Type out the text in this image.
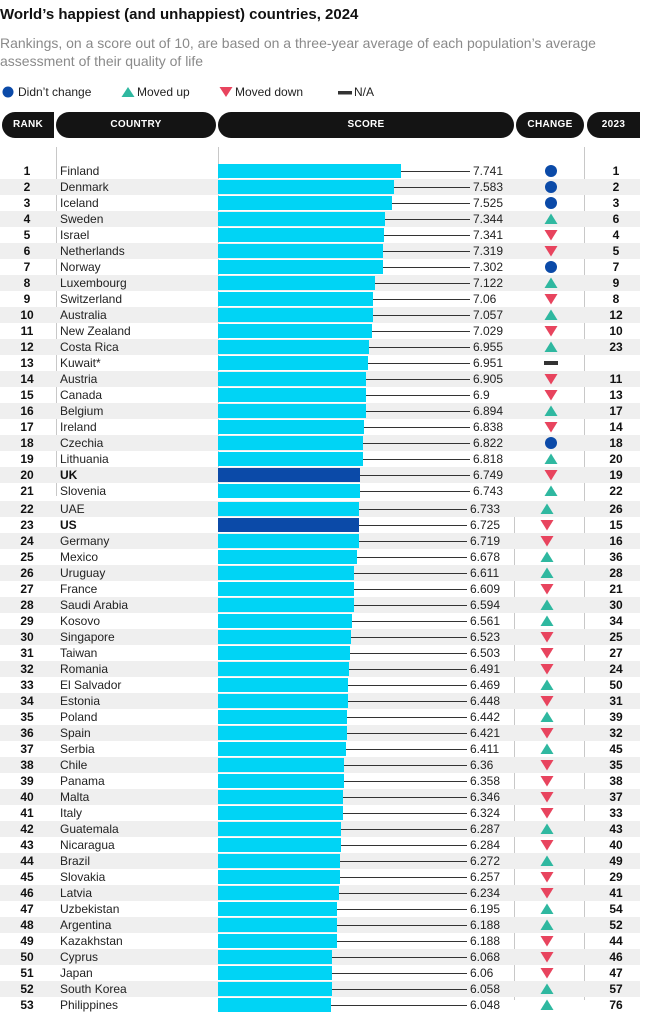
World’s happiest (and unhappiest) countries, 2024
Rankings, on a score out of 10, are based on a three-year average of each population’s average assessment of their quality of life
Didn’t change	Moved up	Moved down	N/A
RANK	COUNTRY	SCORE	CHANGE	2023
1	Finland	7.741	1
2	Denmark	7.583	2
3	Iceland	7.525	3
4	Sweden	7.344	6
5	Israel	7.341	4
6	Netherlands	7.319	5
7	Norway	7.302	7
8	Luxembourg	7.122	9
9	Switzerland	7.06	8
10	Australia	7.057	12
11	New Zealand	7.029	10
12	Costa Rica	6.955	23
13	Kuwait*	6.951
14	Austria	6.905	11
15	Canada	6.9	13
16	Belgium	6.894	17
17	Ireland	6.838	14
18	Czechia	6.822	18
19	Lithuania	6.818	20
20	UK	6.749	19
21	Slovenia	6.743	22
22	UAE	6.733	26
23	US	6.725	15
24	Germany	6.719	16
25	Mexico	6.678	36
26	Uruguay	6.611	28
27	France	6.609	21
28	Saudi Arabia	6.594	30
29	Kosovo	6.561	34
30	Singapore	6.523	25
31	Taiwan	6.503	27
32	Romania	6.491	24
33	El Salvador	6.469	50
34	Estonia	6.448	31
35	Poland	6.442	39
36	Spain	6.421	32
37	Serbia	6.411	45
38	Chile	6.36	35
39	Panama	6.358	38
40	Malta	6.346	37
41	Italy	6.324	33
42	Guatemala	6.287	43
43	Nicaragua	6.284	40
44	Brazil	6.272	49
45	Slovakia	6.257	29
46	Latvia	6.234	41
47	Uzbekistan	6.195	54
48	Argentina	6.188	52
49	Kazakhstan	6.188	44
50	Cyprus	6.068	46
51	Japan	6.06	47
52	South Korea	6.058	57
53	Philippines	6.048	76
